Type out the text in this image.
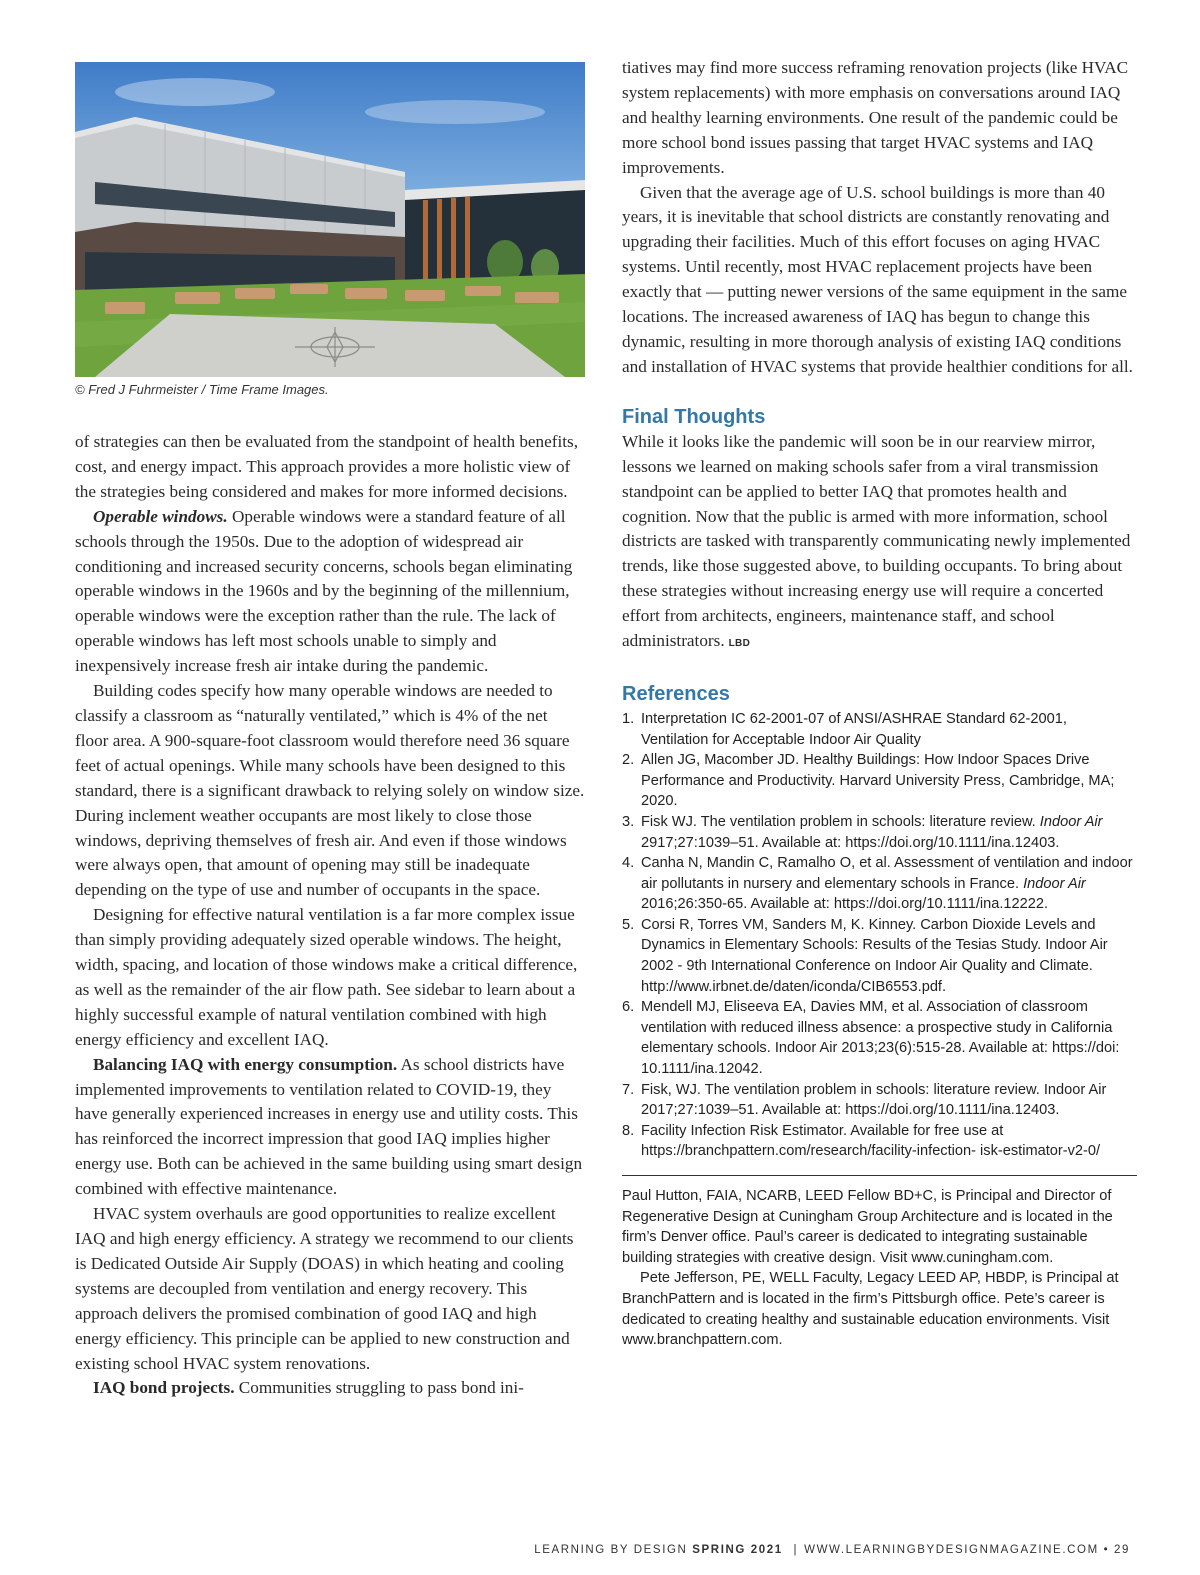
© Fred J Fuhrmeister / Time Frame Images.

of strategies can then be evaluated from the standpoint of health benefits, cost, and energy impact. This approach provides a more holistic view of the strategies being considered and makes for more informed decisions.

Operable windows. Operable windows were a standard feature of all schools through the 1950s. Due to the adoption of widespread air conditioning and increased security concerns, schools began eliminating operable windows in the 1960s and by the beginning of the millennium, operable windows were the exception rather than the rule. The lack of operable windows has left most schools unable to simply and inexpensively increase fresh air intake during the pandemic.

Building codes specify how many operable windows are needed to classify a classroom as “naturally ventilated,” which is 4% of the net floor area. A 900-square-foot classroom would therefore need 36 square feet of actual openings. While many schools have been designed to this standard, there is a significant drawback to relying solely on window size. During inclement weather occupants are most likely to close those windows, depriving themselves of fresh air. And even if those windows were always open, that amount of opening may still be inadequate depending on the type of use and number of occupants in the space.

Designing for effective natural ventilation is a far more complex issue than simply providing adequately sized operable windows. The height, width, spacing, and location of those windows make a critical difference, as well as the remainder of the air flow path. See sidebar to learn about a highly successful example of natural ventilation combined with high energy efficiency and excellent IAQ.

Balancing IAQ with energy consumption. As school districts have implemented improvements to ventilation related to COVID-19, they have generally experienced increases in energy use and utility costs. This has reinforced the incorrect impression that good IAQ implies higher energy use. Both can be achieved in the same building using smart design combined with effective maintenance.

HVAC system overhauls are good opportunities to realize excellent IAQ and high energy efficiency. A strategy we recommend to our clients is Dedicated Outside Air Supply (DOAS) in which heating and cooling systems are decoupled from ventilation and energy recovery. This approach delivers the promised combination of good IAQ and high energy efficiency. This principle can be applied to new construction and existing school HVAC system renovations.

IAQ bond projects. Communities struggling to pass bond ini-

tiatives may find more success reframing renovation projects (like HVAC system replacements) with more emphasis on conversations around IAQ and healthy learning environments. One result of the pandemic could be more school bond issues passing that target HVAC systems and IAQ improvements.

Given that the average age of U.S. school buildings is more than 40 years, it is inevitable that school districts are constantly renovating and upgrading their facilities. Much of this effort focuses on aging HVAC systems. Until recently, most HVAC replacement projects have been exactly that — putting newer versions of the same equipment in the same locations. The increased awareness of IAQ has begun to change this dynamic, resulting in more thorough analysis of existing IAQ conditions and installation of HVAC systems that provide healthier conditions for all.

Final Thoughts

While it looks like the pandemic will soon be in our rearview mirror, lessons we learned on making schools safer from a viral transmission standpoint can be applied to better IAQ that promotes health and cognition. Now that the public is armed with more information, school districts are tasked with transparently communicating newly implemented trends, like those suggested above, to building occupants. To bring about these strategies without increasing energy use will require a concerted effort from architects, engineers, maintenance staff, and school administrators. LBD

References
1. Interpretation IC 62-2001-07 of ANSI/ASHRAE Standard 62-2001, Ventilation for Acceptable Indoor Air Quality
2. Allen JG, Macomber JD. Healthy Buildings: How Indoor Spaces Drive Performance and Productivity. Harvard University Press, Cambridge, MA; 2020.
3. Fisk WJ. The ventilation problem in schools: literature review. Indoor Air 2917;27:1039–51. Available at: https://doi.org/10.1111/ina.12403.
4. Canha N, Mandin C, Ramalho O, et al. Assessment of ventilation and indoor air pollutants in nursery and elementary schools in France. Indoor Air 2016;26:350-65. Available at: https://doi.org/10.1111/ina.12222.
5. Corsi R, Torres VM, Sanders M, K. Kinney. Carbon Dioxide Levels and Dynamics in Elementary Schools: Results of the Tesias Study. Indoor Air 2002 - 9th International Conference on Indoor Air Quality and Climate. http://www.irbnet.de/daten/iconda/CIB6553.pdf.
6. Mendell MJ, Eliseeva EA, Davies MM, et al. Association of classroom ventilation with reduced illness absence: a prospective study in California elementary schools. Indoor Air 2013;23(6):515-28. Available at: https://doi: 10.1111/ina.12042.
7. Fisk, WJ. The ventilation problem in schools: literature review. Indoor Air 2017;27:1039–51. Available at: https://doi.org/10.1111/ina.12403.
8. Facility Infection Risk Estimator. Available for free use at https://branchpattern.com/research/facility-infection- isk-estimator-v2-0/

Paul Hutton, FAIA, NCARB, LEED Fellow BD+C, is Principal and Director of Regenerative Design at Cuningham Group Architecture and is located in the firm’s Denver office. Paul’s career is dedicated to integrating sustainable building strategies with creative design. Visit www.cuningham.com.

Pete Jefferson, PE, WELL Faculty, Legacy LEED AP, HBDP, is Principal at BranchPattern and is located in the firm’s Pittsburgh office. Pete’s career is dedicated to creating healthy and sustainable education environments. Visit www.branchpattern.com.

LEARNING BY DESIGN SPRING 2021 | WWW.LEARNINGBYDESIGNMAGAZINE.COM • 29
